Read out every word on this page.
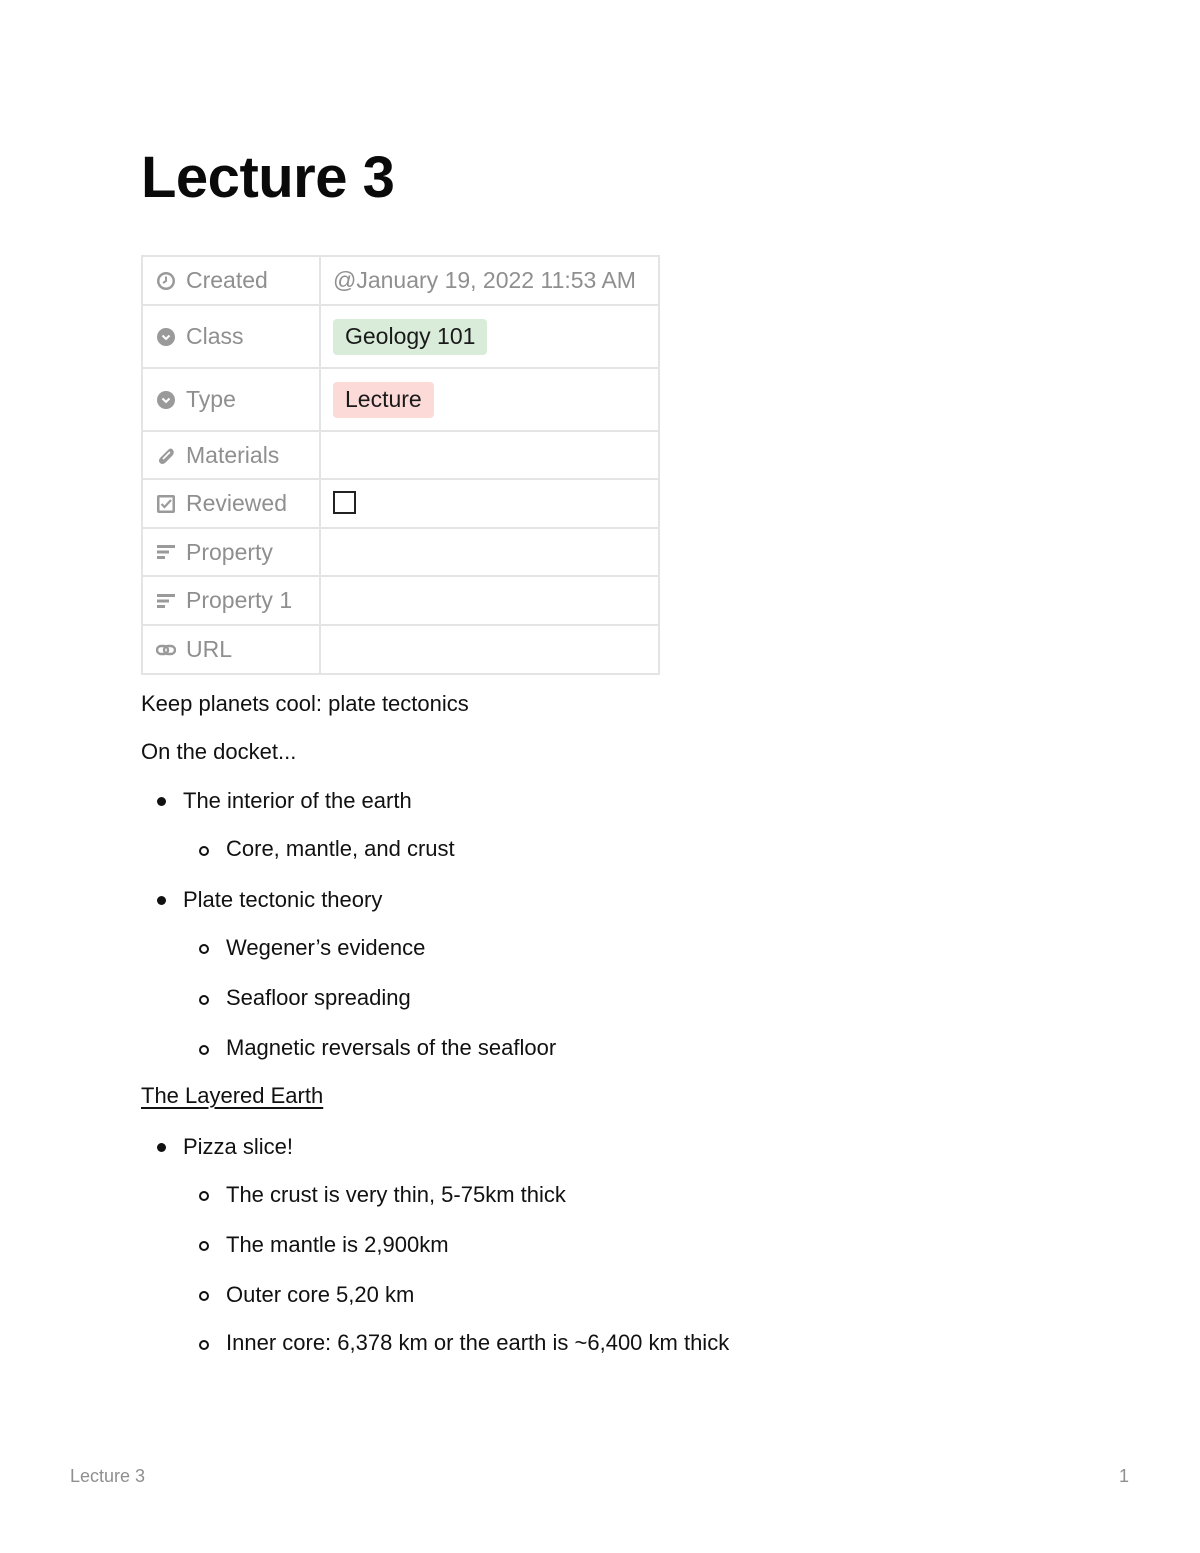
Lecture 3
Created	@January 19, 2022 11:53 AM

Class	Geology 101

Type	Lecture

Materials	

Reviewed	

Property	

Property 1	

URL	

Keep planets cool: plate tectonics

On the docket...

The interior of the earth
Core, mantle, and crust
Plate tectonic theory
Wegener’s evidence
Seafloor spreading
Magnetic reversals of the seafloor

The Layered Earth

Pizza slice!
The crust is very thin, 5-75km thick
The mantle is 2,900km
Outer core 5,20 km
Inner core: 6,378 km or the earth is ~6,400 km thick
Lecture 3	1
